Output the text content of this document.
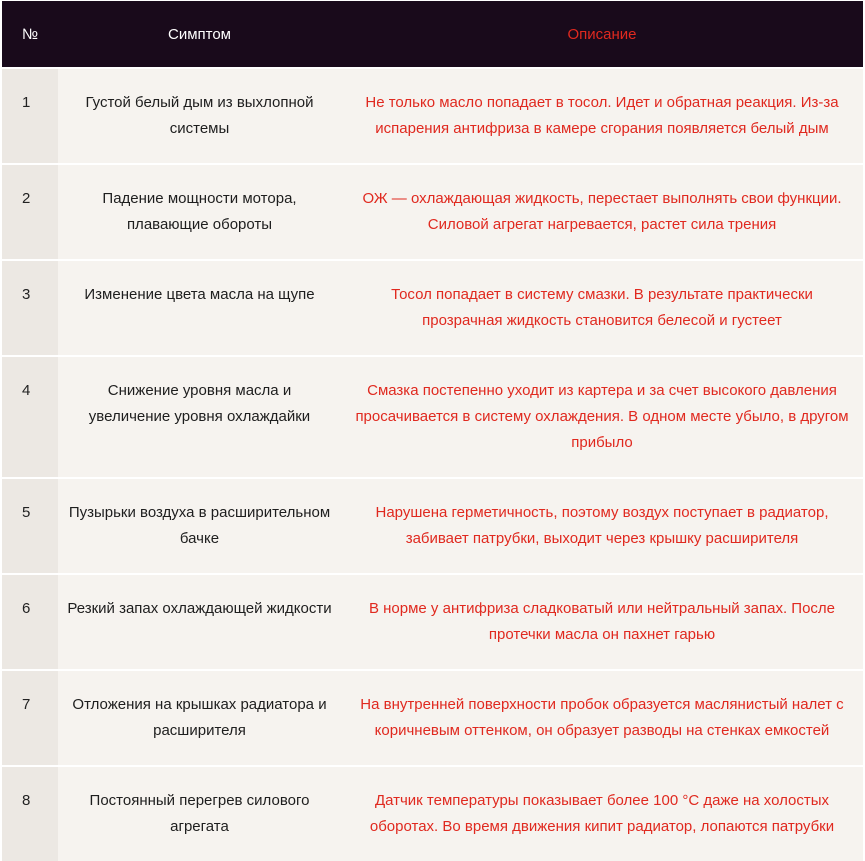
№	Симптом	Описание
1	Густой белый дым из выхлопной системы	Не только масло попадает в тосол. Идет и обратная реакция. Из-за испарения антифриза в камере сгорания появляется белый дым
2	Падение мощности мотора, плавающие обороты	ОЖ — охлаждающая жидкость, перестает выполнять свои функции. Силовой агрегат нагревается, растет сила трения
3	Изменение цвета масла на щупе	Тосол попадает в систему смазки. В результате практически прозрачная жидкость становится белесой и густеет
4	Снижение уровня масла и увеличение уровня охлаждайки	Смазка постепенно уходит из картера и за счет высокого давления просачивается в систему охлаждения. В одном месте убыло, в другом прибыло
5	Пузырьки воздуха в расширительном бачке	Нарушена герметичность, поэтому воздух поступает в радиатор, забивает патрубки, выходит через крышку расширителя
6	Резкий запах охлаждающей жидкости	В норме у антифриза сладковатый или нейтральный запах. После протечки масла он пахнет гарью
7	Отложения на крышках радиатора и расширителя	На внутренней поверхности пробок образуется маслянистый налет с коричневым оттенком, он образует разводы на стенках емкостей
8	Постоянный перегрев силового агрегата	Датчик температуры показывает более 100 °С даже на холостых оборотах. Во время движения кипит радиатор, лопаются патрубки
